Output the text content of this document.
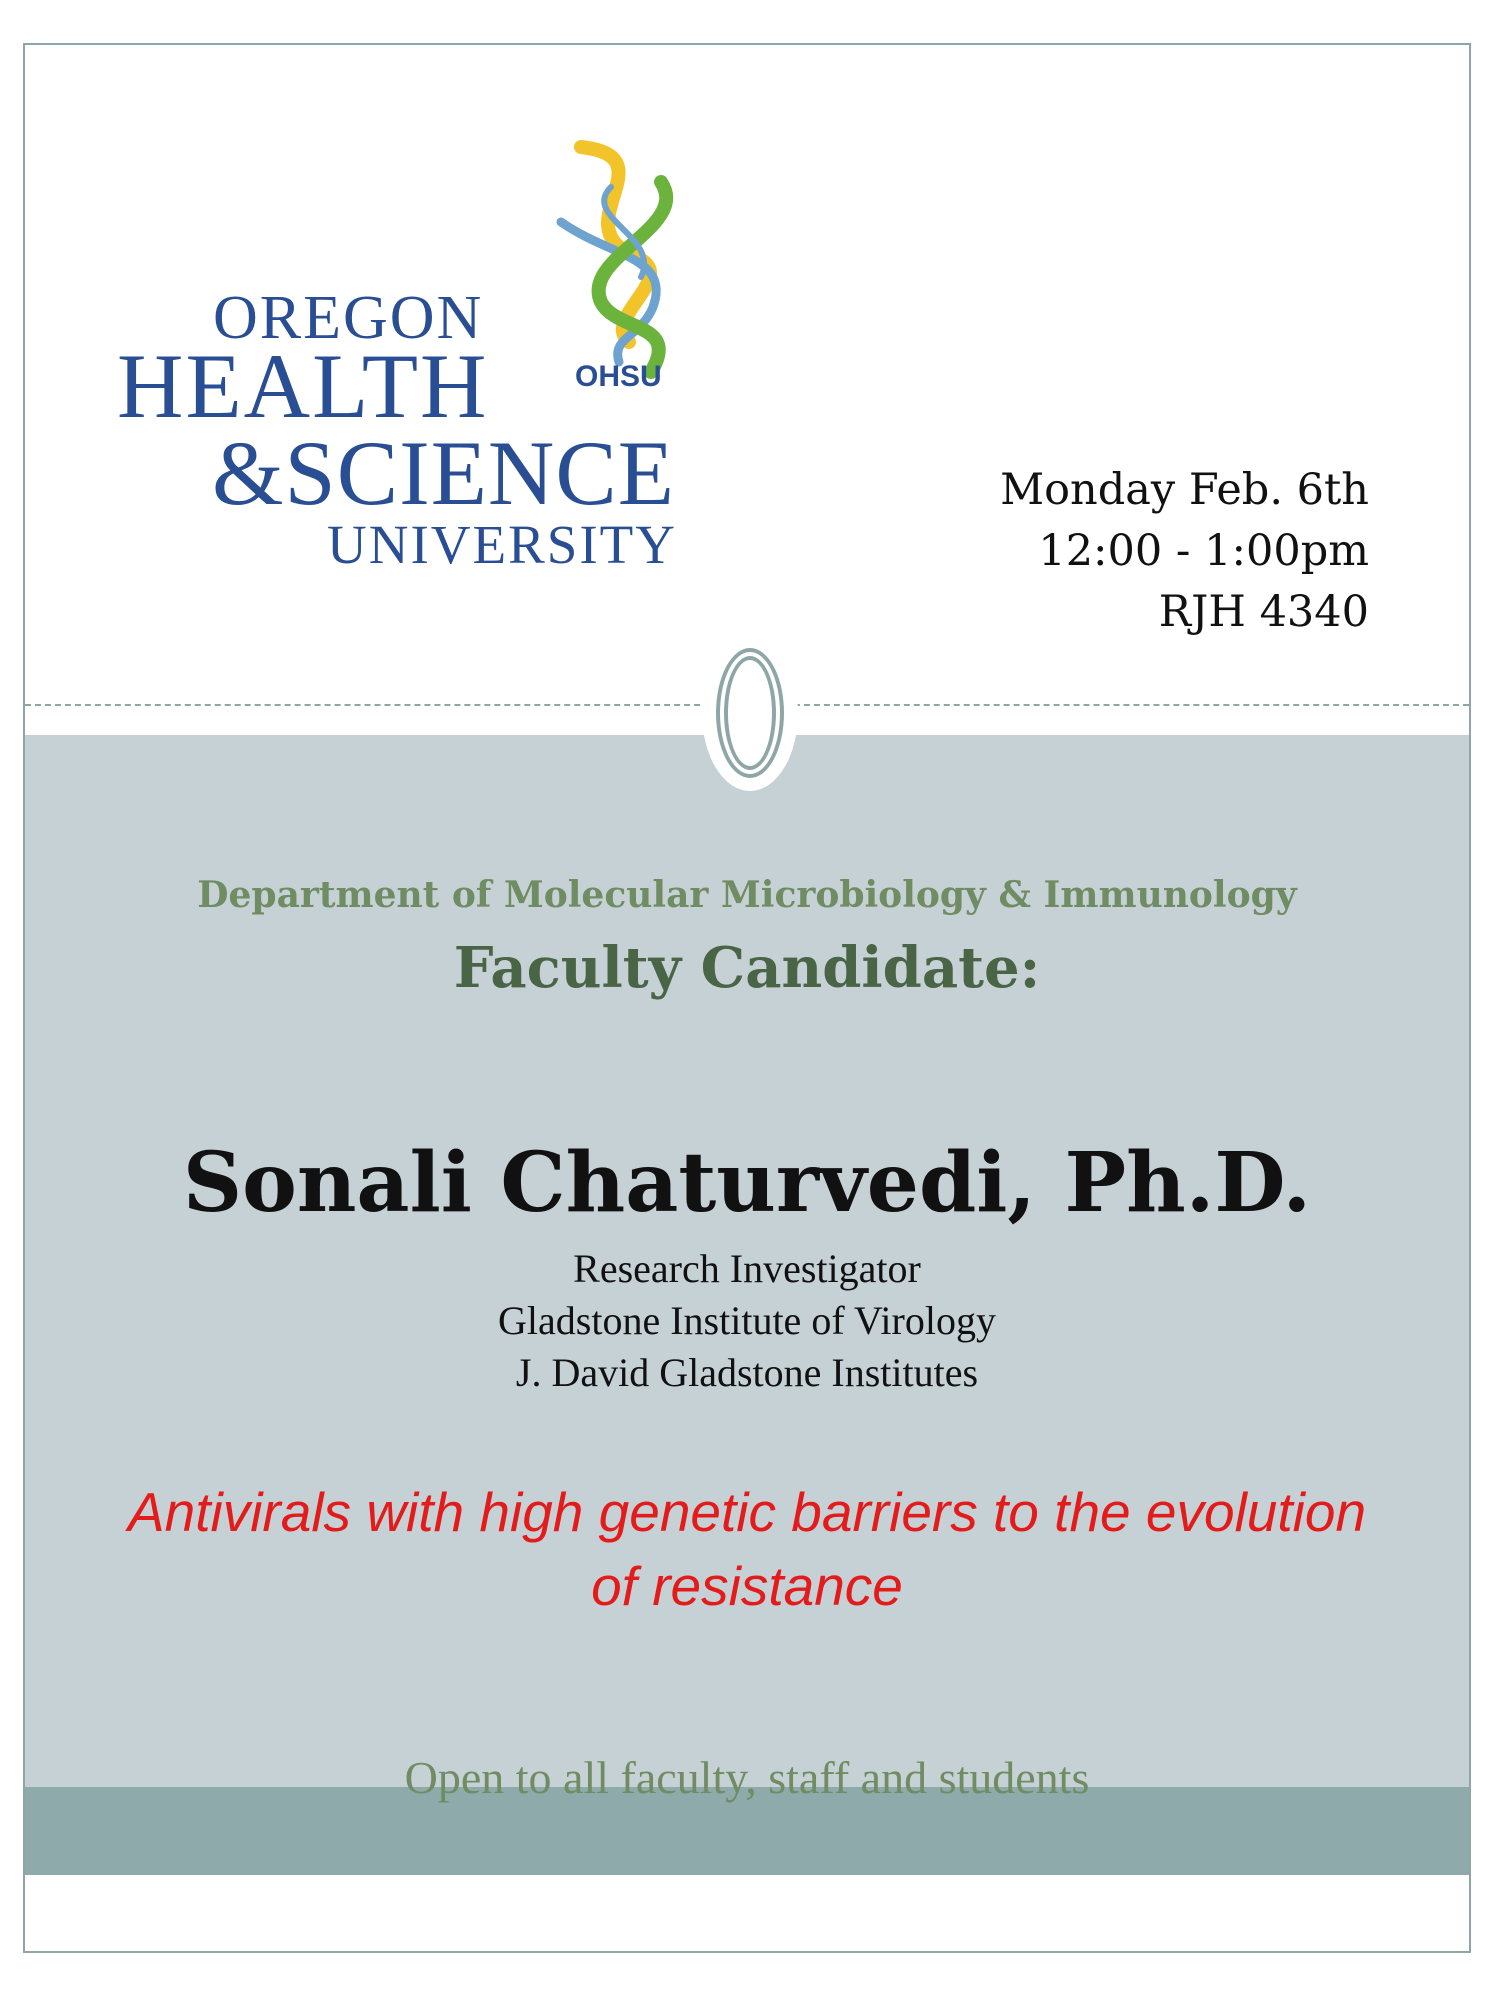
OHSU
OREGON
HEALTH
&SCIENCE
UNIVERSITY
Monday Feb. 6th
12:00 - 1:00pm
RJH 4340
Department of Molecular Microbiology & Immunology
Faculty Candidate:
Sonali Chaturvedi, Ph.D.
Research Investigator
Gladstone Institute of Virology
J. David Gladstone Institutes
Antivirals with high genetic barriers to the evolution
of resistance
Open to all faculty, staff and students
